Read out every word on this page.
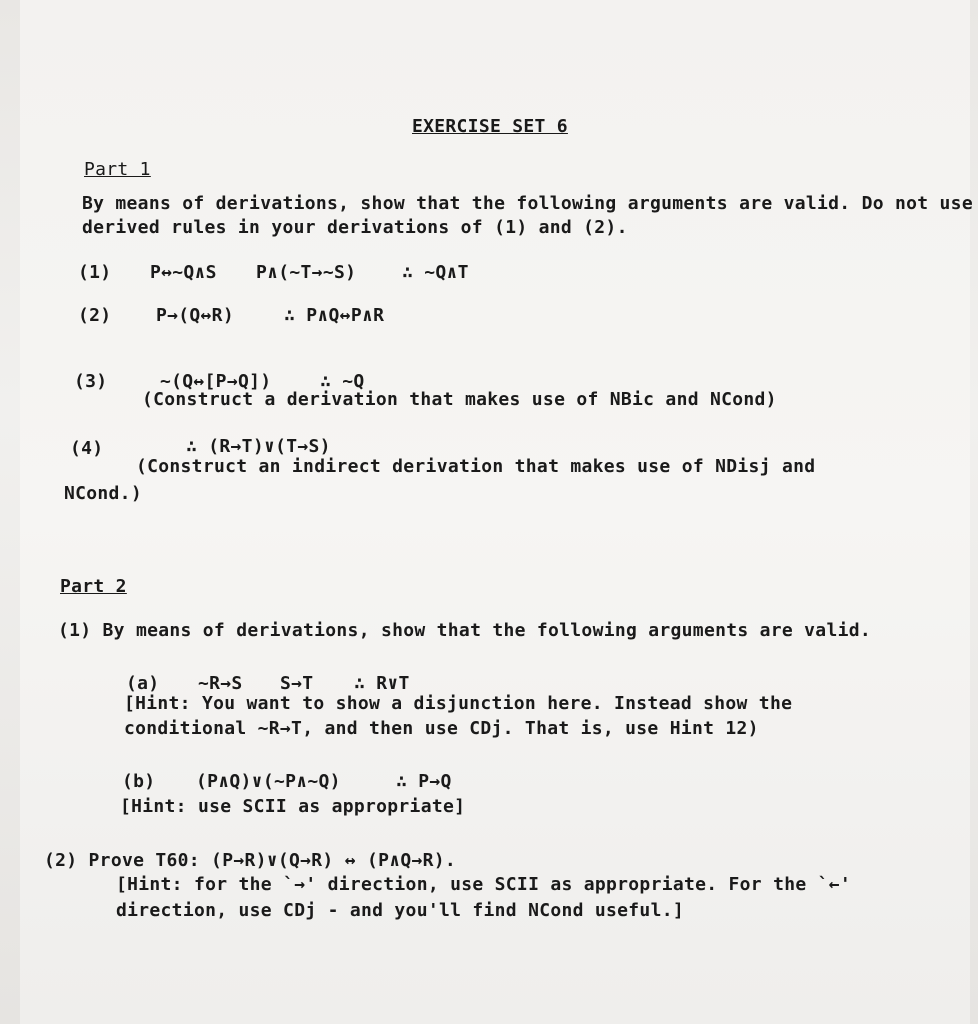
EXERCISE SET 6
Part 1
By means of derivations, show that the following arguments are valid. Do not use
derived rules in your derivations of (1) and (2).
(1) P↔~Q∧S P∧(~T→~S)	∴ ~Q∧T
(2) P→(Q↔R)	∴ P∧Q↔P∧R
(3)	~(Q↔[P→Q])	∴ ~Q
(Construct a derivation that makes use of NBic and NCond)
(4)	∴ (R→T)∨(T→S)
(Construct an indirect derivation that makes use of NDisj and
NCond.)
Part 2
(1) By means of derivations, show that the following arguments are valid.
(a) ~R→S S→T ∴ R∨T
[Hint: You want to show a disjunction here. Instead show the
conditional ~R→T, and then use CDj. That is, use Hint 12)
(b) (P∧Q)∨(~P∧~Q)	∴ P→Q
[Hint: use SCII as appropriate]
(2) Prove T60: (P→R)∨(Q→R) ↔ (P∧Q→R).
[Hint: for the `→' direction, use SCII as appropriate. For the `←'
direction, use CDj - and you'll find NCond useful.]
